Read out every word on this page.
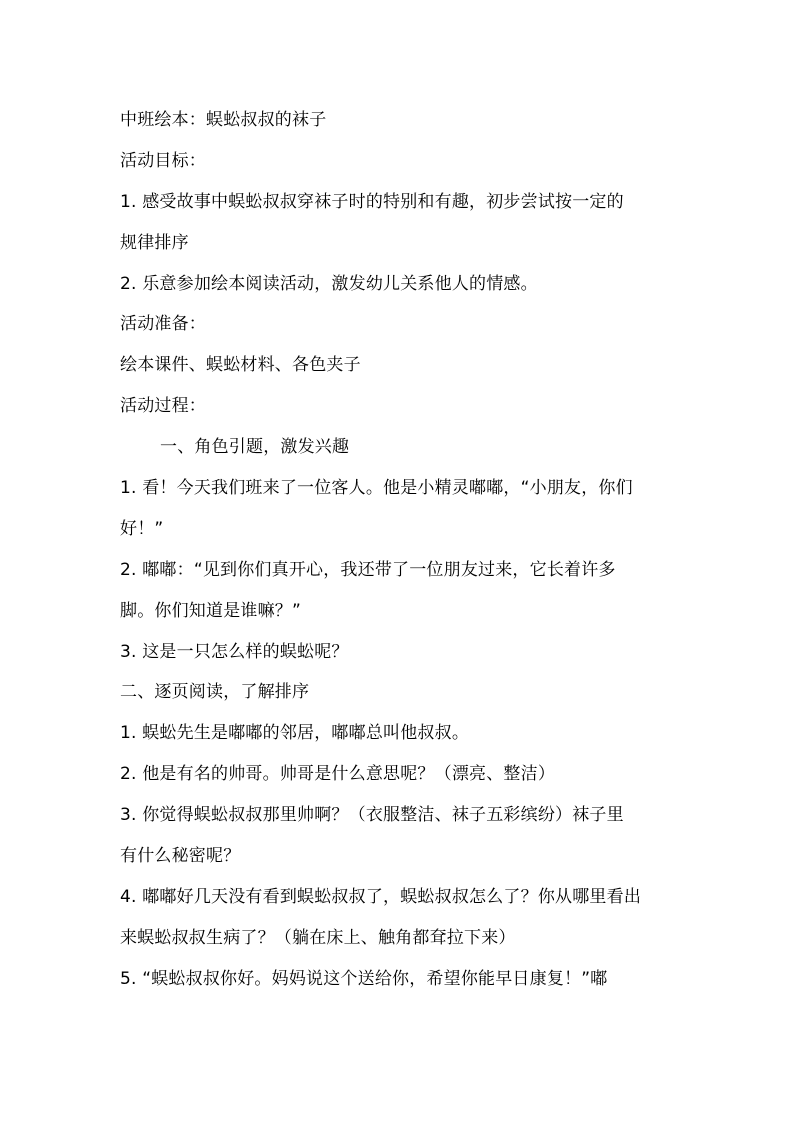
中班绘本：蜈蚣叔叔的袜子
活动目标：
1. 感受故事中蜈蚣叔叔穿袜子时的特别和有趣，初步尝试按一定的
规律排序
2. 乐意参加绘本阅读活动，激发幼儿关系他人的情感。
活动准备：
绘本课件、蜈蚣材料、各色夹子
活动过程：
一、角色引题，激发兴趣
1. 看！今天我们班来了一位客人。他是小精灵嘟嘟，“小朋友，你们
好！”
2. 嘟嘟：“见到你们真开心，我还带了一位朋友过来，它长着许多
脚。你们知道是谁嘛？”
3. 这是一只怎么样的蜈蚣呢？
二、逐页阅读，了解排序
1. 蜈蚣先生是嘟嘟的邻居，嘟嘟总叫他叔叔。
2. 他是有名的帅哥。帅哥是什么意思呢？（漂亮、整洁）
3. 你觉得蜈蚣叔叔那里帅啊？（衣服整洁、袜子五彩缤纷）袜子里
有什么秘密呢？
4. 嘟嘟好几天没有看到蜈蚣叔叔了，蜈蚣叔叔怎么了？你从哪里看出
来蜈蚣叔叔生病了？（躺在床上、触角都耷拉下来）
5. “蜈蚣叔叔你好。妈妈说这个送给你，希望你能早日康复！”嘟
